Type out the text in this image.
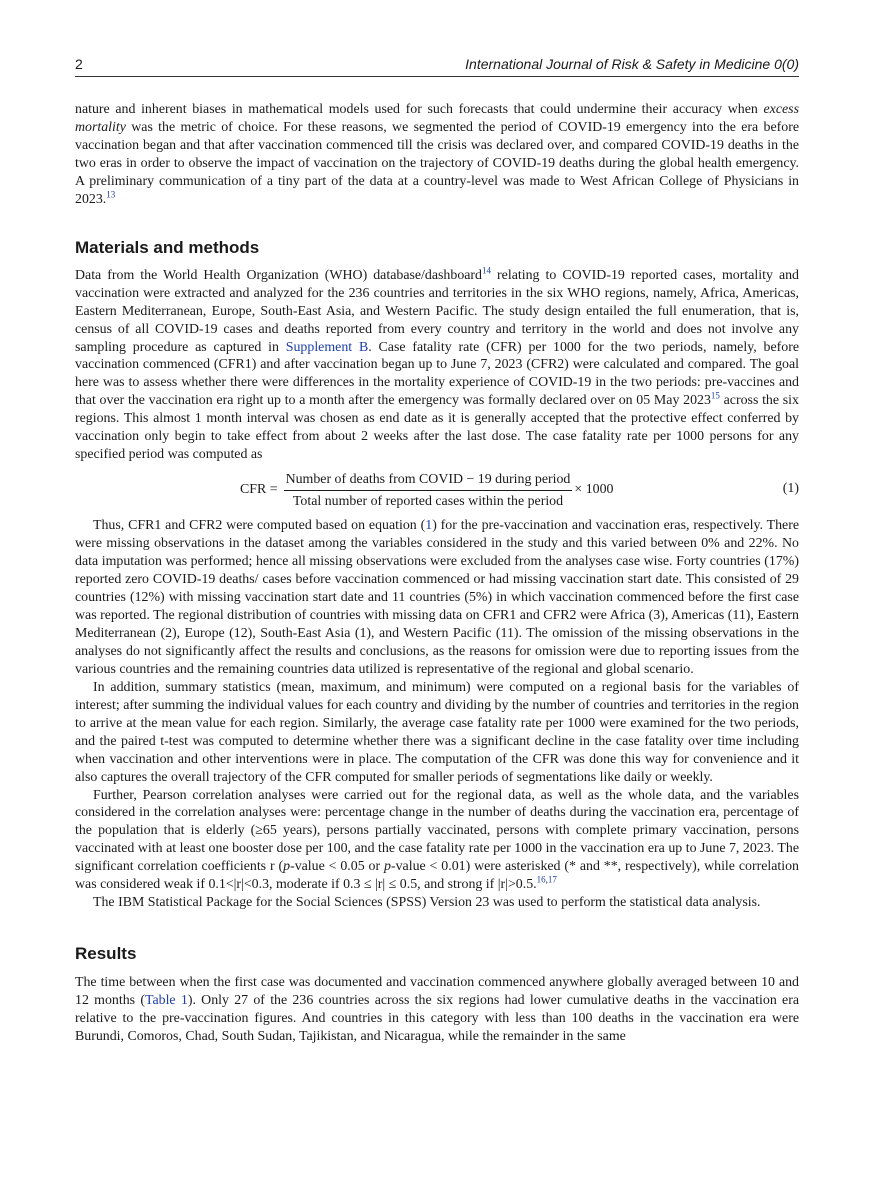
2	International Journal of Risk & Safety in Medicine 0(0)

nature and inherent biases in mathematical models used for such forecasts that could undermine their accuracy when excess mortality was the metric of choice. For these reasons, we segmented the period of COVID-19 emergency into the era before vaccination began and that after vaccination commenced till the crisis was declared over, and compared COVID-19 deaths in the two eras in order to observe the impact of vaccination on the trajectory of COVID-19 deaths during the global health emergency. A preliminary communication of a tiny part of the data at a country-level was made to West African College of Physicians in 2023.13

Materials and methods

Data from the World Health Organization (WHO) database/dashboard$^{14}$ relating to COVID-19 reported cases, mortality and vaccination were extracted and analyzed for the 236 countries and territories in the six WHO regions, namely, Africa, Americas, Eastern Mediterranean, Europe, South-East Asia, and Western Pacific. The study design entailed the full enumeration, that is, census of all COVID-19 cases and deaths reported from every country and territory in the world and does not involve any sampling procedure as captured in Supplement B. Case fatality rate (CFR) per 1000 for the two periods, namely, before vaccination commenced (CFR1) and after vaccination began up to June 7, 2023 (CFR2) were calculated and compared. The goal here was to assess whether there were differences in the mortality experience of COVID-19 in the two periods: pre-vaccines and that over the vaccination era right up to a month after the emergency was formally declared over on 05 May 2023$^{15}$ across the six regions. This almost 1 month interval was chosen as end date as it is generally accepted that the protective effect conferred by vaccination only begin to take effect from about 2 weeks after the last dose. The case fatality rate per 1000 persons for any specified period was computed as

CFR = $\frac{\text{Number of deaths from COVID − 19 during period}}{\text{Total number of reported cases within the period}} \times 1000$	(1)

Thus, CFR1 and CFR2 were computed based on equation (1) for the pre-vaccination and vaccination eras, respectively. There were missing observations in the dataset among the variables considered in the study and this varied between 0% and 22%. No data imputation was performed; hence all missing observations were excluded from the analyses case wise. Forty countries (17%) reported zero COVID-19 deaths/ cases before vaccination commenced or had missing vaccination start date. This consisted of 29 countries (12%) with missing vaccination start date and 11 countries (5%) in which vaccination commenced before the first case was reported. The regional distribution of countries with missing data on CFR1 and CFR2 were Africa (3), Americas (11), Eastern Mediterranean (2), Europe (12), South-East Asia (1), and Western Pacific (11). The omission of the missing observations in the analyses do not significantly affect the results and conclusions, as the reasons for omission were due to reporting issues from the various countries and the remaining countries data utilized is representative of the regional and global scenario.

In addition, summary statistics (mean, maximum, and minimum) were computed on a regional basis for the variables of interest; after summing the individual values for each country and dividing by the number of countries and territories in the region to arrive at the mean value for each region. Similarly, the average case fatality rate per 1000 were examined for the two periods, and the paired t-test was computed to determine whether there was a significant decline in the case fatality over time including when vaccination and other interventions were in place. The computation of the CFR was done this way for convenience and it also captures the overall trajectory of the CFR computed for smaller periods of segmentations like daily or weekly.

Further, Pearson correlation analyses were carried out for the regional data, as well as the whole data, and the variables considered in the correlation analyses were: percentage change in the number of deaths during the vaccination era, percentage of the population that is elderly (≥65 years), persons partially vaccinated, persons with complete primary vaccination, persons vaccinated with at least one booster dose per 100, and the case fatality rate per 1000 in the vaccination era up to June 7, 2023. The significant correlation coefficients r (p-value < 0.05 or p-value < 0.01) were asterisked (* and **, respectively), while correlation was considered weak if 0.1<|r|<0.3, moderate if 0.3 ≤ |r| ≤ 0.5, and strong if |r|>0.5.$^{16,17}$

The IBM Statistical Package for the Social Sciences (SPSS) Version 23 was used to perform the statistical data analysis.

Results

The time between when the first case was documented and vaccination commenced anywhere globally averaged between 10 and 12 months (Table 1). Only 27 of the 236 countries across the six regions had lower cumulative deaths in the vaccination era relative to the pre-vaccination figures. And countries in this category with less than 100 deaths in the vaccination era were Burundi, Comoros, Chad, South Sudan, Tajikistan, and Nicaragua, while the remainder in the same
